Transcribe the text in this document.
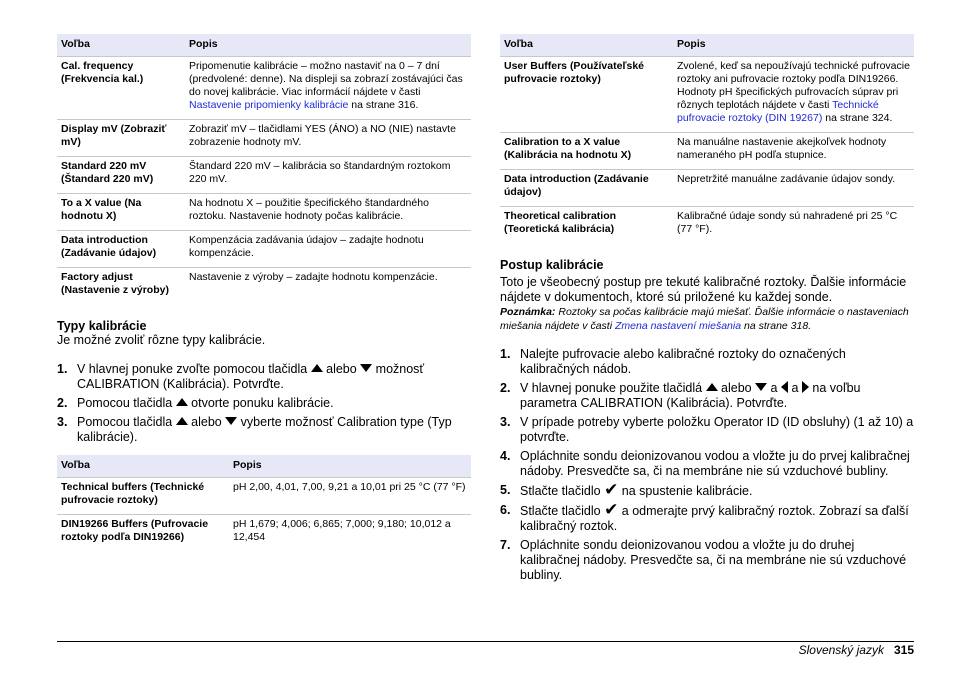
Voľba	Popis
Cal. frequency (Frekvencia kal.)	Pripomenutie kalibrácie – možno nastaviť na 0 – 7 dní (predvolené: denne). Na displeji sa zobrazí zostávajúci čas do novej kalibrácie. Viac informácií nájdete v časti Nastavenie pripomienky kalibrácie na strane 316.
Display mV (Zobraziť mV)	Zobraziť mV – tlačidlami YES (ÁNO) a NO (NIE) nastavte zobrazenie hodnoty mV.
Standard 220 mV (Štandard 220 mV)	Štandard 220 mV – kalibrácia so štandardným roztokom 220 mV.
To a X value (Na hodnotu X)	Na hodnotu X – použitie špecifického štandardného roztoku. Nastavenie hodnoty počas kalibrácie.
Data introduction (Zadávanie údajov)	Kompenzácia zadávania údajov – zadajte hodnotu kompenzácie.
Factory adjust (Nastavenie z výroby)	Nastavenie z výroby – zadajte hodnotu kompenzácie.
Typy kalibrácie

Je možné zvoliť rôzne typy kalibrácie.

1. V hlavnej ponuke zvoľte pomocou tlačidla  alebo  možnosť CALIBRATION (Kalibrácia). Potvrďte.
2. Pomocou tlačidla  otvorte ponuku kalibrácie.
3. Pomocou tlačidla  alebo  vyberte možnosť Calibration type (Typ kalibrácie).
Voľba	Popis
Technical buffers (Technické pufrovacie roztoky)	pH 2,00, 4,01, 7,00, 9,21 a 10,01 pri 25 °C (77 °F)
DIN19266 Buffers (Pufrovacie roztoky podľa DIN19266)	pH 1,679; 4,006; 6,865; 7,000; 9,180; 10,012 a 12,454
Voľba	Popis
User Buffers (Používateľské pufrovacie roztoky)	Zvolené, keď sa nepoužívajú technické pufrovacie roztoky ani pufrovacie roztoky podľa DIN19266. Hodnoty pH špecifických pufrovacích súprav pri rôznych teplotách nájdete v časti Technické pufrovacie roztoky (DIN 19267) na strane 324.
Calibration to a X value (Kalibrácia na hodnotu X)	Na manuálne nastavenie akejkoľvek hodnoty nameraného pH podľa stupnice.
Data introduction (Zadávanie údajov)	Nepretržité manuálne zadávanie údajov sondy.
Theoretical calibration (Teoretická kalibrácia)	Kalibračné údaje sondy sú nahradené pri 25 °C (77 °F).
Postup kalibrácie

Toto je všeobecný postup pre tekuté kalibračné roztoky. Ďalšie informácie nájdete v dokumentoch, ktoré sú priložené ku každej sonde.

Poznámka: Roztoky sa počas kalibrácie majú miešať. Ďalšie informácie o nastaveniach miešania nájdete v časti Zmena nastavení miešania na strane 318.

1. Nalejte pufrovacie alebo kalibračné roztoky do označených kalibračných nádob.
2. V hlavnej ponuke použite tlačidlá  alebo  a  a  na voľbu parametra CALIBRATION (Kalibrácia). Potvrďte.
3. V prípade potreby vyberte položku Operator ID (ID obsluhy) (1 až 10) a potvrďte.
4. Opláchnite sondu deionizovanou vodou a vložte ju do prvej kalibračnej nádoby. Presvedčte sa, či na membráne nie sú vzduchové bubliny.
5. Stlačte tlačidlo ✔ na spustenie kalibrácie.
6. Stlačte tlačidlo ✔ a odmerajte prvý kalibračný roztok. Zobrazí sa ďalší kalibračný roztok.
7. Opláchnite sondu deionizovanou vodou a vložte ju do druhej kalibračnej nádoby. Presvedčte sa, či na membráne nie sú vzduchové bubliny.
Slovenský jazyk 315
